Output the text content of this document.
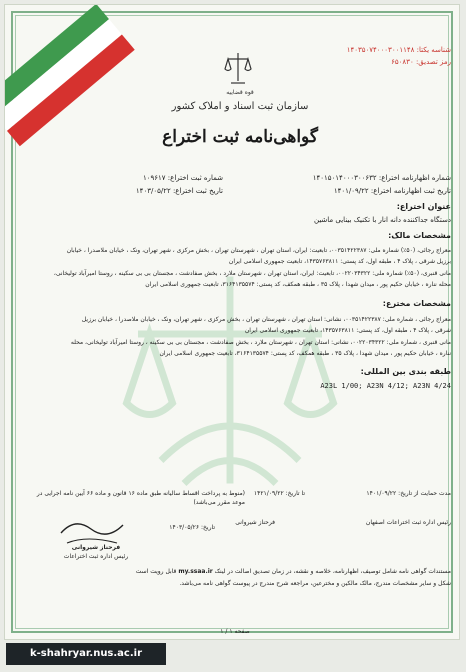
شناسه یکتا: ۱۴۰۳۵۰۷۴۰۰۰۳۰۰۱۱۴۸
رمز تصدیق: ۶۵۰۸۳۰
قوه قضاییه
سازمان ثبت اسناد و املاک کشور
گواهی‌نامه ثبت اختراع
شماره اظهارنامه اختراع: ۱۴۰۱۵۰۱۴۰۰۰۳۰۰۶۳۲
شماره ثبت اختراع: ۱۰۹۶۱۷
تاریخ ثبت اظهارنامه اختراع: ۱۴۰۱/۰۹/۲۲
تاریخ ثبت اختراع: ۱۴۰۳/۰۵/۲۲
عنوان اختراع:
دستگاه جداکننده دانه انار با تکنیک بینایی ماشین
مشخصات مالک:
معراج رجائی، (۵۰٪) شماره ملی: ۰۰۳۵۱۴۲۲۳۸۷، تابعیت: ایران، استان تهران ، شهرستان تهران ، بخش مرکزی ، شهر تهران، ونک ، خیابان ملاصدرا ، خیابان
برزیل شرقی ، پلاک ۴ ، طبقه اول، کد پستی: ۱۴۳۵۷۶۳۸۱۱، تابعیت جمهوری اسلامی ایران
مانی قنبری، (۵۰٪) شماره ملی: ۰۰۲۲۰۳۴۳۲۲، تابعیت: ایران، استان تهران ، شهرستان ملارد ، بخش صفادشت ، مجستان بی بی سکینه ، روستا امیرآباد تولیخانی،
محله نناره ، خیابان حکیم پور ، میدان شهدا ، پلاک ۳۵ ، طبقه همکف، کد پستی: ۳۱۶۴۱۳۵۵۷۴، تابعیت جمهوری اسلامی ایران
مشخصات مخترع:
معراج رجائی ، شماره ملی: ۰۰۳۵۱۴۲۲۳۸۷، نشانی: استان تهران ، شهرستان تهران ، بخش مرکزی ، شهر تهران، ونک ، خیابان ملاصدرا ، خیابان برزیل
شرقی ، پلاک ۴ ، طبقه اول، کد پستی: ۱۴۳۵۷۶۳۸۱۱، تابعیت جمهوری اسلامی ایران
مانی قنبری ، شماره ملی: ۰۰۲۲۰۳۴۳۲۲، نشانی: استان تهران ، شهرستان ملارد ، بخش صفادشت ، مجستان بی بی سکینه ، روستا امیرآباد تولیخانی، محله
نناره ، خیابان حکیم پور ، میدان شهدا ، پلاک ۳۵ ، طبقه همکف، کد پستی: ۳۱۶۴۱۳۵۵۷۴، تابعیت جمهوری اسلامی ایران
طبقه بندی بین المللی:
A23L 1/00; A23N 4/12; A23N 4/24
مدت حمایت از تاریخ: ۱۴۰۱/۰۹/۲۲
تا تاریخ: ۱۴۲۱/۰۹/۲۲
(منوط به پرداخت اقساط سالیانه طبق ماده ۱۶ قانون و ماده ۶۶ آیین نامه اجرایی در موعد مقرر می‌باشد)
رئیس اداره ثبت اختراعات اصفهان
فرحناز شیروانی
تاریخ: ۱۴۰۳/۰۵/۲۶
فرحناز شیروانی
رئیس اداره ثبت اختراعات
مستندات گواهی نامه شامل توصیف، اظهارنامه، خلاصه و نقشه، در زمان تصدیق اصالت در لینک my.ssaa.ir قابل رویت است
شکل و سایر مشخصات مندرج، مالک مالکین و مخترعین، مراجعه شرح مندرج در پیوست گواهی نامه می‌باشد.
صفحه ۱ / ۱
k-shahryar.nus.ac.ir
